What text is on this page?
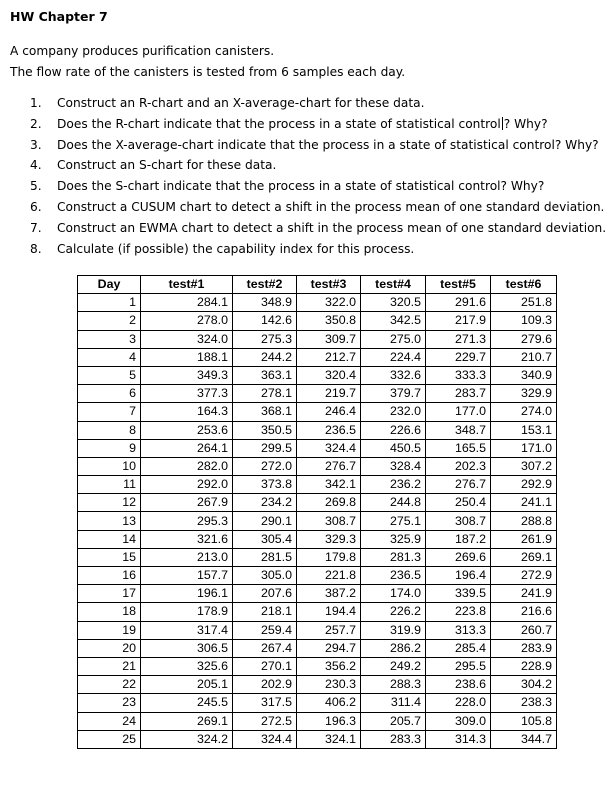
HW Chapter 7
A company produces purification canisters.
The flow rate of the canisters is tested from 6 samples each day.
1.	Construct an R-chart and an X-average-chart for these data.
2.	Does the R-chart indicate that the process in a state of statistical control ? Why?
3.	Does the X-average-chart indicate that the process in a state of statistical control? Why?
4.	Construct an S-chart for these data.
5.	Does the S-chart indicate that the process in a state of statistical control? Why?
6.	Construct a CUSUM chart to detect a shift in the process mean of one standard deviation.
7.	Construct an EWMA chart to detect a shift in the process mean of one standard deviation.
8.	Calculate (if possible) the capability index for this process.
Day	test#1	test#2	test#3	test#4	test#5	test#6
1	284.1	348.9	322.0	320.5	291.6	251.8
2	278.0	142.6	350.8	342.5	217.9	109.3
3	324.0	275.3	309.7	275.0	271.3	279.6
4	188.1	244.2	212.7	224.4	229.7	210.7
5	349.3	363.1	320.4	332.6	333.3	340.9
6	377.3	278.1	219.7	379.7	283.7	329.9
7	164.3	368.1	246.4	232.0	177.0	274.0
8	253.6	350.5	236.5	226.6	348.7	153.1
9	264.1	299.5	324.4	450.5	165.5	171.0
10	282.0	272.0	276.7	328.4	202.3	307.2
11	292.0	373.8	342.1	236.2	276.7	292.9
12	267.9	234.2	269.8	244.8	250.4	241.1
13	295.3	290.1	308.7	275.1	308.7	288.8
14	321.6	305.4	329.3	325.9	187.2	261.9
15	213.0	281.5	179.8	281.3	269.6	269.1
16	157.7	305.0	221.8	236.5	196.4	272.9
17	196.1	207.6	387.2	174.0	339.5	241.9
18	178.9	218.1	194.4	226.2	223.8	216.6
19	317.4	259.4	257.7	319.9	313.3	260.7
20	306.5	267.4	294.7	286.2	285.4	283.9
21	325.6	270.1	356.2	249.2	295.5	228.9
22	205.1	202.9	230.3	288.3	238.6	304.2
23	245.5	317.5	406.2	311.4	228.0	238.3
24	269.1	272.5	196.3	205.7	309.0	105.8
25	324.2	324.4	324.1	283.3	314.3	344.7
